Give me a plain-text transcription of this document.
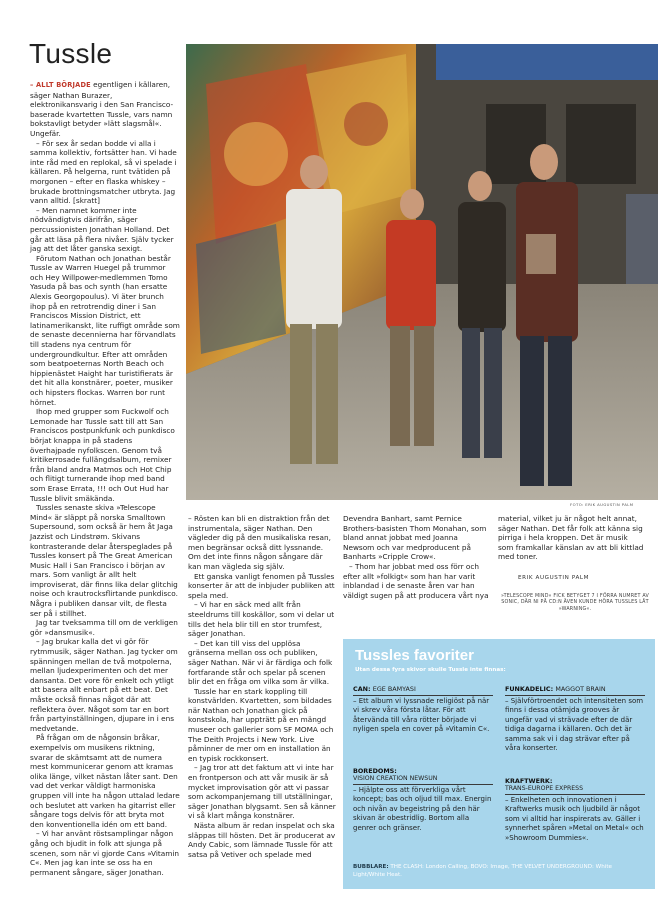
Tussle

– ALLT BÖRJADE egentligen i källaren, säger Nathan Burazer, elektronikansvarig i den San Francisco-baserade kvartetten Tussle, vars namn bokstavligt betyder »lätt slagsmål«. Ungefär.

– För sex år sedan bodde vi alla i samma kollektiv, fortsätter han. Vi hade inte råd med en replokal, så vi spelade i källaren. På helgerna, runt tvätiden på morgonen – efter en flaska whiskey – brukade brottningsmatcher utbryta. Jag vann alltid. [skratt]

– Men namnet kommer inte nödvändigtvis därifrån, säger percussionisten Jonathan Holland. Det går att läsa på flera nivåer. Själv tycker jag att det låter ganska sexigt.

Förutom Nathan och Jonathan består Tussle av Warren Huegel på trummor och Hey Willpower-medlemmen Tomo Yasuda på bas och synth (han ersatte Alexis Georgopoulus). Vi äter brunch ihop på en retrotrendig diner i San Franciscos Mission District, ett latinamerikanskt, lite ruffigt område som de senaste decennierna har förvandlats till stadens nya centrum för undergroundkultur. Efter att områden som beatpoeternas North Beach och hippienästet Haight har turistifierats är det hit alla konstnärer, poeter, musiker och hipsters flockas. Warren bor runt hörnet.

Ihop med grupper som Fuckwolf och Lemonade har Tussle satt till att San Franciscos postpunkfunk och punkdisco börjat knappa in på stadens överhajpade nyfolkscen. Genom två kritikerrosade fullängdsalbum, remixer från bland andra Matmos och Hot Chip och flitigt turnerande ihop med band som Erase Errata, !!! och Out Hud har Tussle blivit smäkända.

Tussles senaste skiva »Telescope Mind« är släppt på norska Smalltown Supersound, som också är hem åt Jaga Jazzist och Lindstrøm. Skivans kontrasterande delar återspeglades på Tussles konsert på The Great American Music Hall i San Francisco i början av mars. Som vanligt är allt helt improviserat, där finns lika delar glitchig noise och krautrocksflirtande punkdisco. Några i publiken dansar vilt, de flesta ser på i stillhet.

Jag tar tveksamma till om de verkligen gör »dansmusik«.

– Jag brukar kalla det vi gör för rytmmusik, säger Nathan. Jag tycker om spänningen mellan de två motpolerna, mellan ljudexperimenten och det mer dansanta. Det vore för enkelt och ytligt att basera allt enbart på ett beat. Det måste också finnas något där att reflektera över. Något som tar en bort från partyinställningen, djupare in i ens medvetande.

På frågan om de någonsin bråkar, exempelvis om musikens riktning, svarar de skämtsamt att de numera mest kommunicerar genom att kramas olika länge, vilket nästan låter sant. Den vad det verkar väldigt harmoniska gruppen vill inte ha någon uttalad ledare och beslutet att varken ha gitarrist eller sångare togs delvis för att bryta mot den konventionella idén om ett band.

– Vi har använt röstsamplingar någon gång och bjudit in folk att sjunga på scenen, som när vi gjorde Cans »Vitamin C«. Men jag kan inte se oss ha en permanent sångare, säger Jonathan.

FOTO: ERIK AUGUSTIN PALM

– Rösten kan bli en distraktion från det instrumentala, säger Nathan. Den vägleder dig på den musikaliska resan, men begränsar också ditt lyssnande. Om det inte finns någon sångare där kan man vägleda sig själv.

Ett ganska vanligt fenomen på Tussles konserter är att de inbjuder publiken att spela med.

– Vi har en säck med allt från steeldrums till koskällor, som vi delar ut tills det hela blir till en stor trumfest, säger Jonathan.

– Det kan till viss del upplösa gränserna mellan oss och publiken, säger Nathan. När vi är färdiga och folk fortfarande står och spelar på scenen blir det en fråga om vilka som är vilka.

Tussle har en stark koppling till konstvärlden. Kvartetten, som bildades när Nathan och Jonathan gick på konstskola, har uppträtt på en mängd museer och gallerier som SF MOMA och The Deith Projects i New York. Live påminner de mer om en installation än en typisk rockkonsert.

– Jag tror att det faktum att vi inte har en frontperson och att vår musik är så mycket improvisation gör att vi passar som ackompanjemang till utställningar, säger Jonathan blygsamt. Sen så känner vi så klart många konstnärer.

Nästa album är redan inspelat och ska släppas till hösten. Det är producerat av Andy Cabic, som lämnade Tussle för att satsa på Vetiver och spelade med

Devendra Banhart, samt Pernice Brothers-basisten Thom Monahan, som bland annat jobbat med Joanna Newsom och var medproducent på Banharts »Cripple Crow«.

– Thom har jobbat med oss förr och efter allt »folkigt« som han har varit inblandad i de senaste åren var han väldigt sugen på att producera vårt nya

material, vilket ju är något helt annat, säger Nathan. Det får folk att känna sig pirriga i hela kroppen. Det är musik som framkallar känslan av att bli kittlad med toner.

ERIK AUGUSTIN PALM
»TELESCOPE MIND« FICK BETYGET 7 I FÖRRA NUMRET AV SONIC, DÄR NI PÅ CD:N ÄVEN KUNDE HÖRA TUSSLES LÅT »WARNING«.
Tussles favoriter
Utan dessa fyra skivor skulle Tussle inte finnas:
CAN: EGE BAMYASI
– Ett album vi lyssnade religiöst på när vi skrev våra första låtar. För att återvända till våra rötter började vi nyligen spela en cover på »Vitamin C«.
BOREDOMS:
VISION CREATION NEWSUN
– Hjälpte oss att förverkliga vårt koncept; bas och oljud till max. Energin och nivån av begeistring på den här skivan är obestridlig. Bortom alla genrer och gränser.
FUNKADELIC: MAGGOT BRAIN
– Självförtroendet och intensiteten som finns i dessa otämjda grooves är ungefär vad vi strävade efter de där tidiga dagarna i källaren. Och det är samma sak vi i dag strävar efter på våra konserter.
KRAFTWERK:
TRANS-EUROPE EXPRESS
– Enkelheten och innovationen i Kraftwerks musik och ljudbild är något som vi alltid har inspirerats av. Gäller i synnerhet spåren »Metal on Metal« och »Showroom Dummies«.
BUBBLARE: THE CLASH: London Calling, BOVO: Image, THE VELVET UNDERGROUND: White Light/White Heat.
